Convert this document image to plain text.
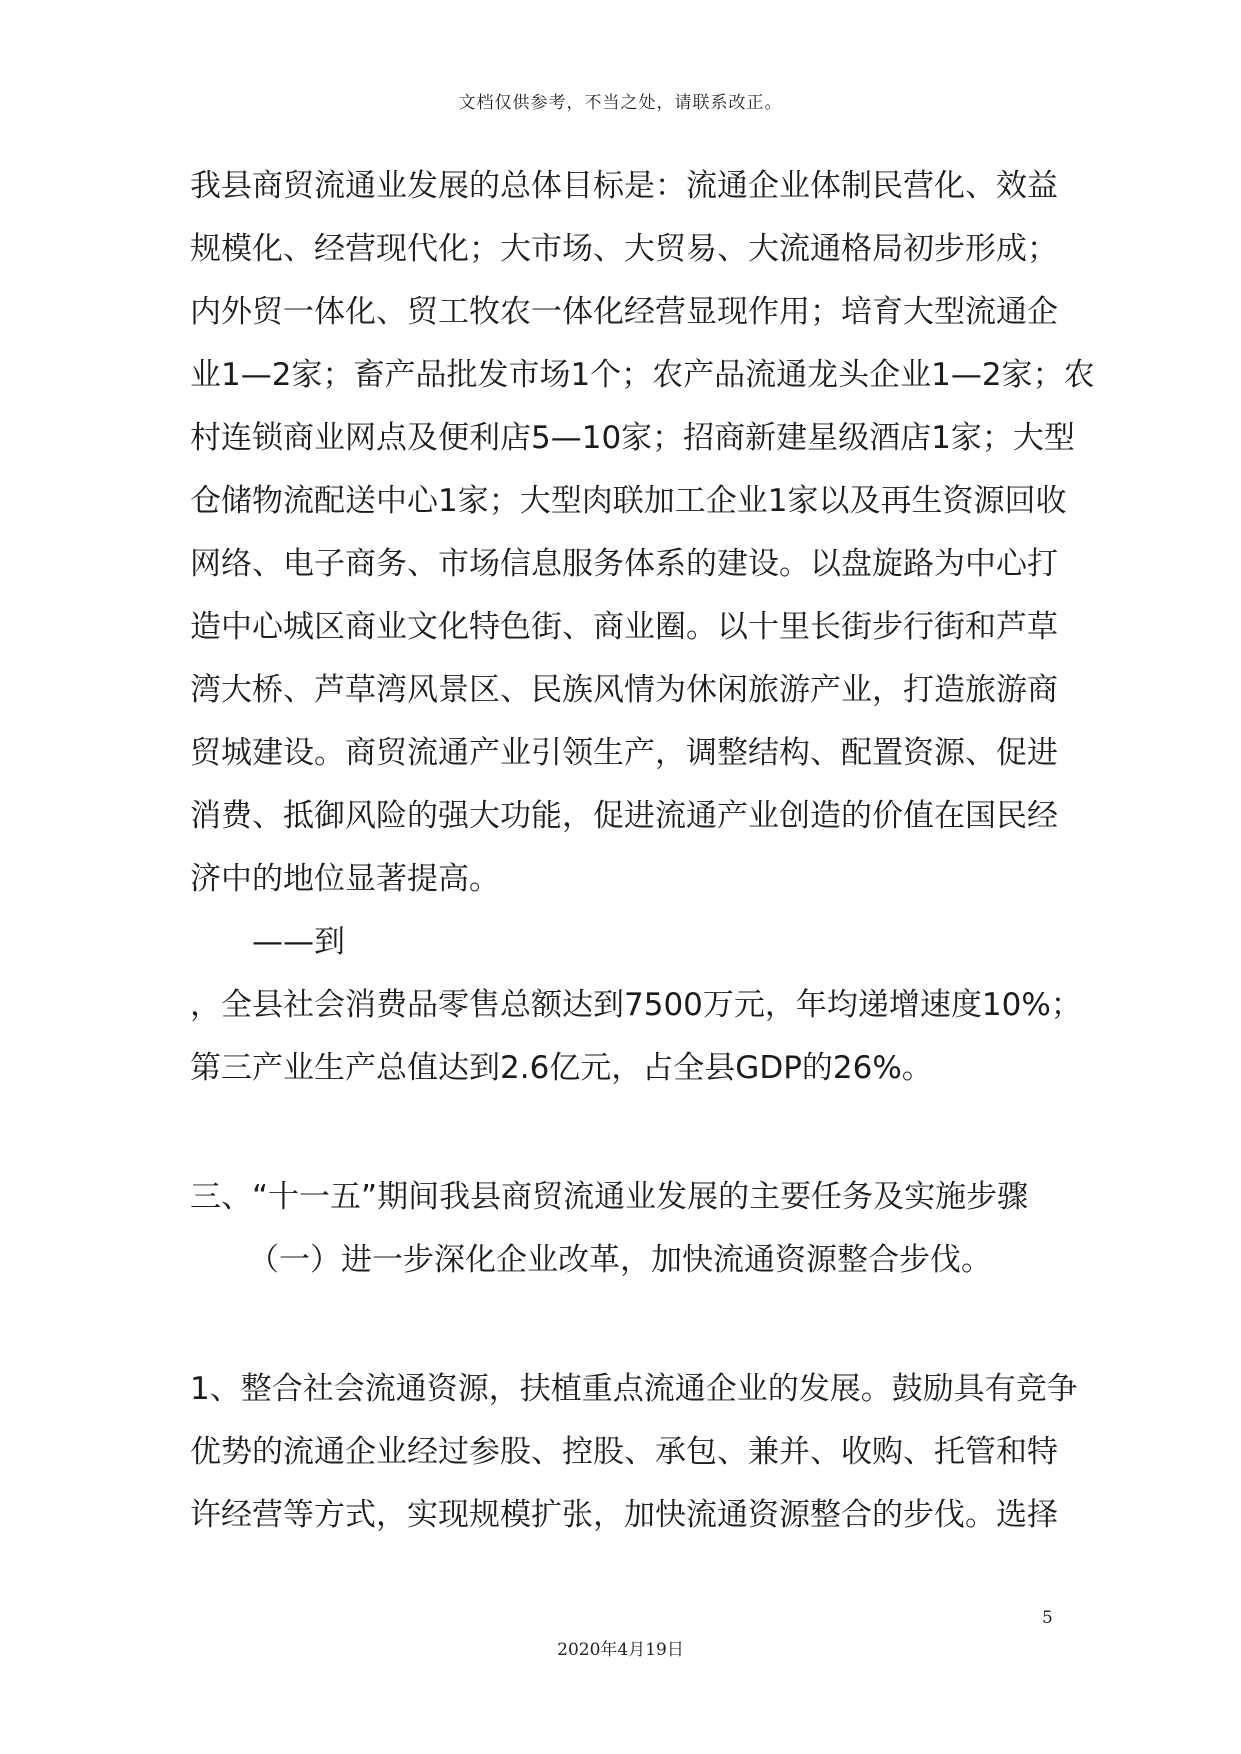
文档仅供参考，不当之处，请联系改正。
我县商贸流通业发展的总体目标是：流通企业体制民营化、效益
规模化、经营现代化；大市场、大贸易、大流通格局初步形成；
内外贸一体化、贸工牧农一体化经营显现作用；培育大型流通企
业1—2家；畜产品批发市场1个；农产品流通龙头企业1—2家；农
村连锁商业网点及便利店5—10家；招商新建星级酒店1家；大型
仓储物流配送中心1家；大型肉联加工企业1家以及再生资源回收
网络、电子商务、市场信息服务体系的建设。以盘旋路为中心打
造中心城区商业文化特色街、商业圈。以十里长街步行街和芦草
湾大桥、芦草湾风景区、民族风情为休闲旅游产业，打造旅游商
贸城建设。商贸流通产业引领生产，调整结构、配置资源、促进
消费、抵御风险的强大功能，促进流通产业创造的价值在国民经
济中的地位显著提高。
——到
，全县社会消费品零售总额达到7500万元，年均递增速度10%；
第三产业生产总值达到2.6亿元，占全县GDP的26%。
三、“十一五”期间我县商贸流通业发展的主要任务及实施步骤
（一）进一步深化企业改革，加快流通资源整合步伐。
1、整合社会流通资源，扶植重点流通企业的发展。鼓励具有竞争
优势的流通企业经过参股、控股、承包、兼并、收购、托管和特
许经营等方式，实现规模扩张，加快流通资源整合的步伐。选择
5
2020年4月19日
